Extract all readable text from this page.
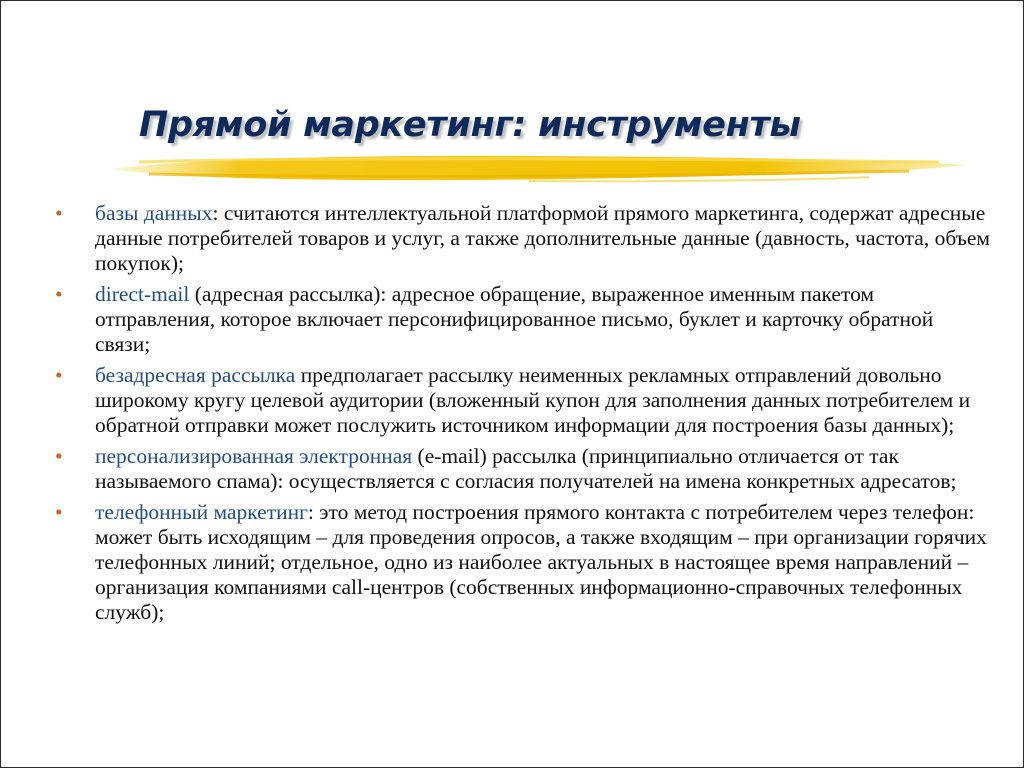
Прямой маркетинг: инструменты
• базы данных: считаются интеллектуальной платформой прямого маркетинга, содержат адресные данные потребителей товаров и услуг, а также дополнительные данные (давность, частота, объем покупок);
• direct-mail (адресная рассылка): адресное обращение, выраженное именным пакетом отправления, которое включает персонифицированное письмо, буклет и карточку обратной связи;
• безадресная рассылка предполагает рассылку неименных рекламных отправлений довольно широкому кругу целевой аудитории (вложенный купон для заполнения данных потребителем и обратной отправки может послужить источником информации для построения базы данных);
• персонализированная электронная (e-mail) рассылка (принципиально отличается от так называемого спама): осуществляется с согласия получателей на имена конкретных адресатов;
• телефонный маркетинг: это метод построения прямого контакта с потребителем через телефон: может быть исходящим – для проведения опросов, а также входящим – при организации горячих телефонных линий; отдельное, одно из наиболее актуальных в настоящее время направлений – организация компаниями call-центров (собственных информационно-справочных телефонных служб);
